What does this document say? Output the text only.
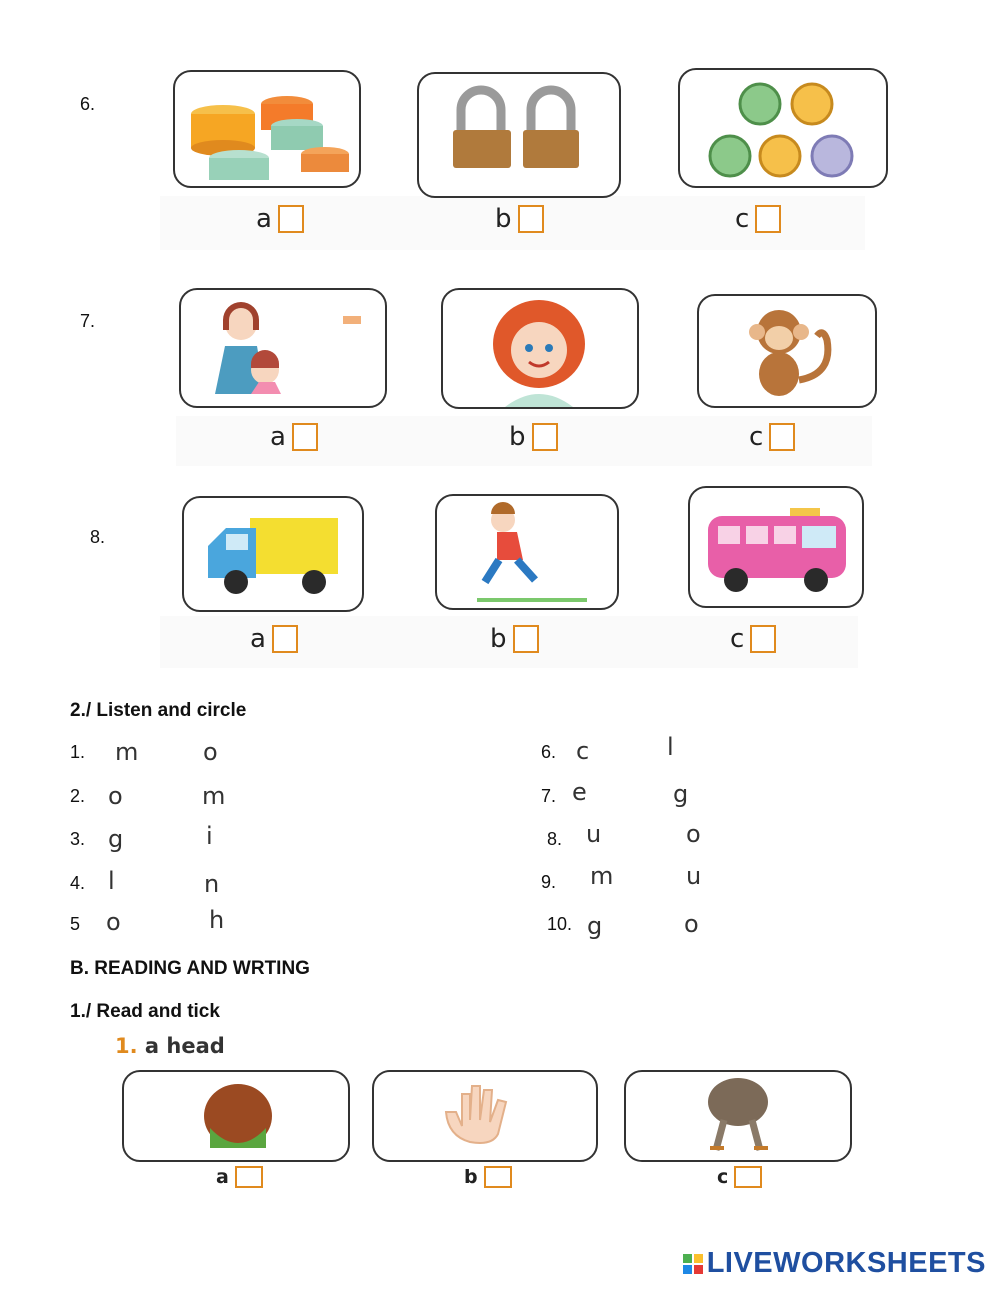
6.
a	b	c
7.
a	b	c
8.
a	b	c
2./ Listen and circle
1. m	o
2. o	m
3. g	i
4. l	n
5 o	h
6. c	l
7. e	g
8. u	o
9. m	u
10. g	o
B. READING AND WRTING
1./ Read and tick
1. a head
a	b	c
LIVEWORKSHEETS
